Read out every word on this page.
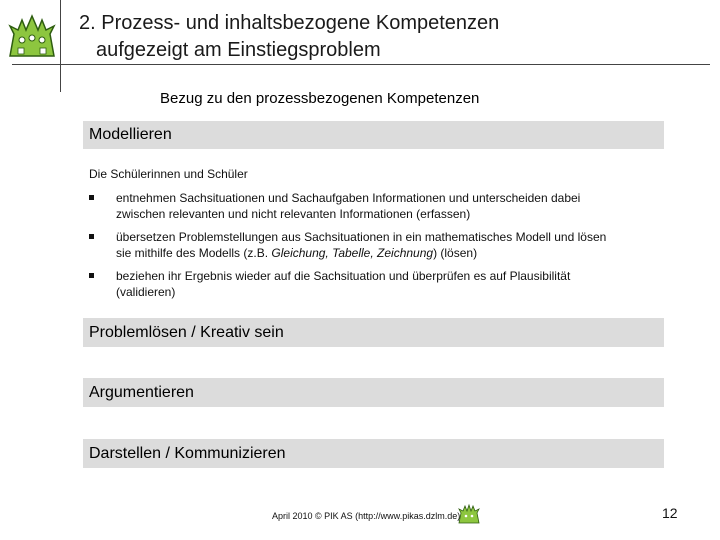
2. Prozess- und inhaltsbezogene Kompetenzen
aufgezeigt am Einstiegsproblem
Bezug zu den prozessbezogenen Kompetenzen
Modellieren
Die Schülerinnen und Schüler
entnehmen Sachsituationen und Sachaufgaben Informationen und unterscheiden dabei
zwischen relevanten und nicht relevanten Informationen (erfassen)
übersetzen Problemstellungen aus Sachsituationen in ein mathematisches Modell und lösen
sie mithilfe des Modells (z.B. Gleichung, Tabelle, Zeichnung) (lösen)
beziehen ihr Ergebnis wieder auf die Sachsituation und überprüfen es auf Plausibilität
(validieren)
Problemlösen / Kreativ sein
Argumentieren
Darstellen / Kommunizieren
April 2010 © PIK AS (http://www.pikas.dzlm.de)	12
